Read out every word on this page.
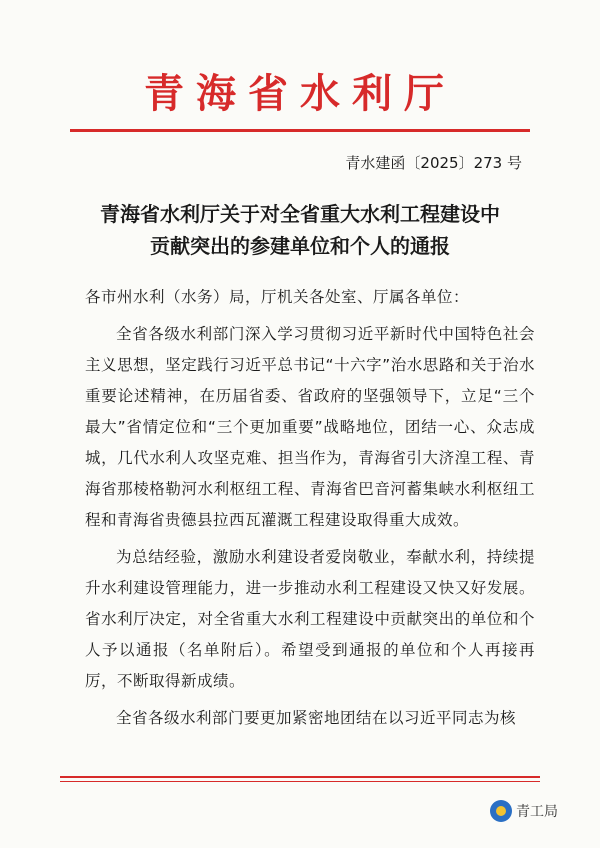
青海省水利厅
青水建函〔2025〕273 号
青海省水利厅关于对全省重大水利工程建设中
贡献突出的参建单位和个人的通报

各市州水利（水务）局，厅机关各处室、厅属各单位：

全省各级水利部门深入学习贯彻习近平新时代中国特色社会主义思想，坚定践行习近平总书记“十六字”治水思路和关于治水重要论述精神，在历届省委、省政府的坚强领导下，立足“三个最大”省情定位和“三个更加重要”战略地位，团结一心、众志成城，几代水利人攻坚克难、担当作为，青海省引大济湟工程、青海省那棱格勒河水利枢纽工程、青海省巴音河蓄集峡水利枢纽工程和青海省贵德县拉西瓦灌溉工程建设取得重大成效。

为总结经验，激励水利建设者爱岗敬业，奉献水利，持续提升水利建设管理能力，进一步推动水利工程建设又快又好发展。省水利厅决定，对全省重大水利工程建设中贡献突出的单位和个人予以通报（名单附后）。希望受到通报的单位和个人再接再厉，不断取得新成绩。

全省各级水利部门要更加紧密地团结在以习近平同志为核

青工局
